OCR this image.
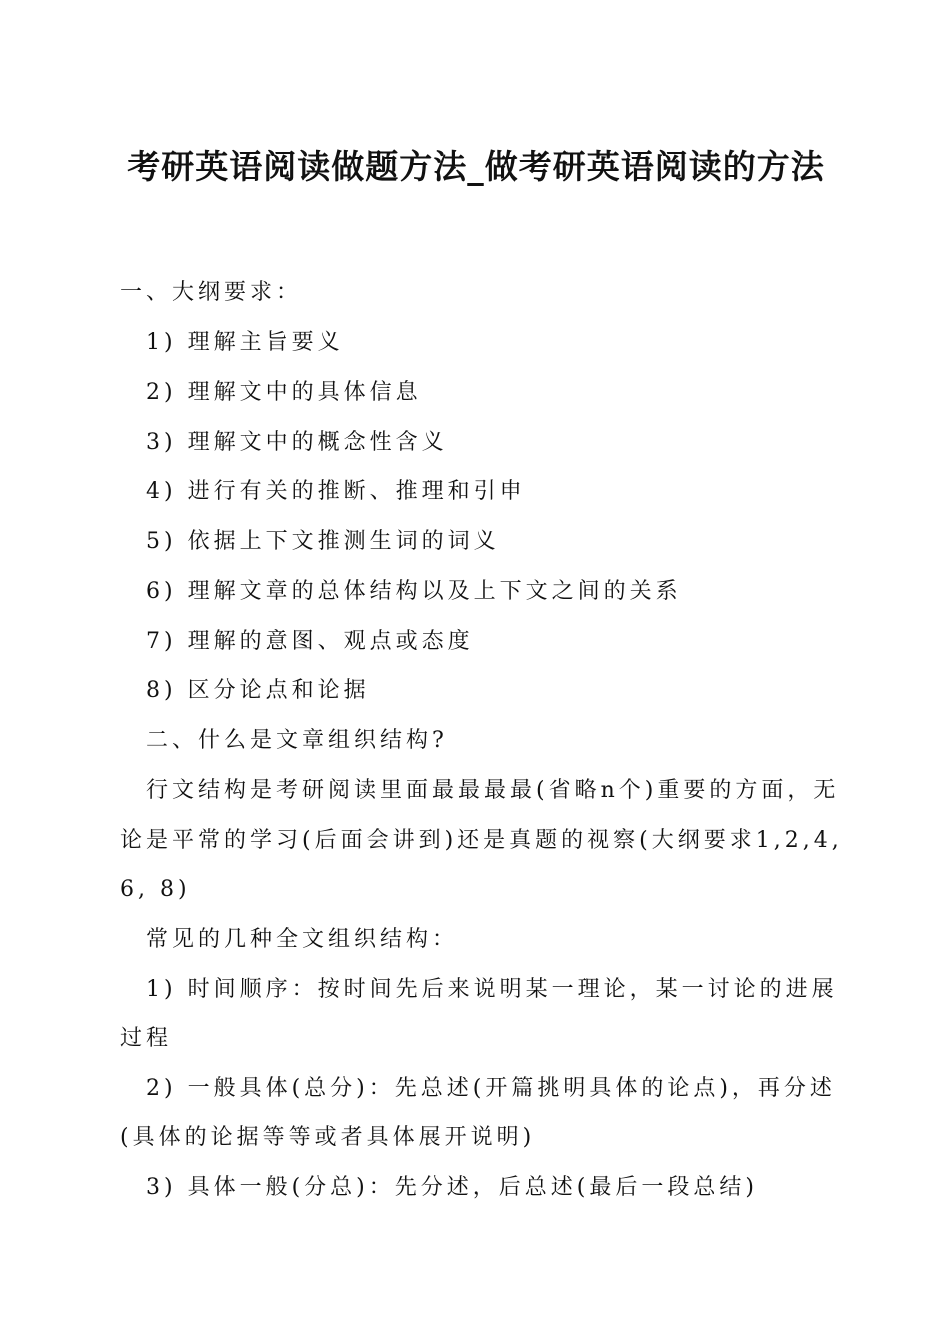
考研英语阅读做题方法_做考研英语阅读的方法
一、大纲要求：
1) 理解主旨要义
2) 理解文中的具体信息
3) 理解文中的概念性含义
4) 进行有关的推断、推理和引申
5) 依据上下文推测生词的词义
6) 理解文章的总体结构以及上下文之间的关系
7) 理解的意图、观点或态度
8) 区分论点和论据
二、什么是文章组织结构?
行文结构是考研阅读里面最最最最(省略n个)重要的方面，无
论是平常的学习(后面会讲到)还是真题的视察(大纲要求1,2,4,
6, 8)
常见的几种全文组织结构：
1) 时间顺序：按时间先后来说明某一理论，某一讨论的进展
过程
2) 一般具体(总分)：先总述(开篇挑明具体的论点)，再分述
(具体的论据等等或者具体展开说明)
3) 具体一般(分总)：先分述，后总述(最后一段总结)
